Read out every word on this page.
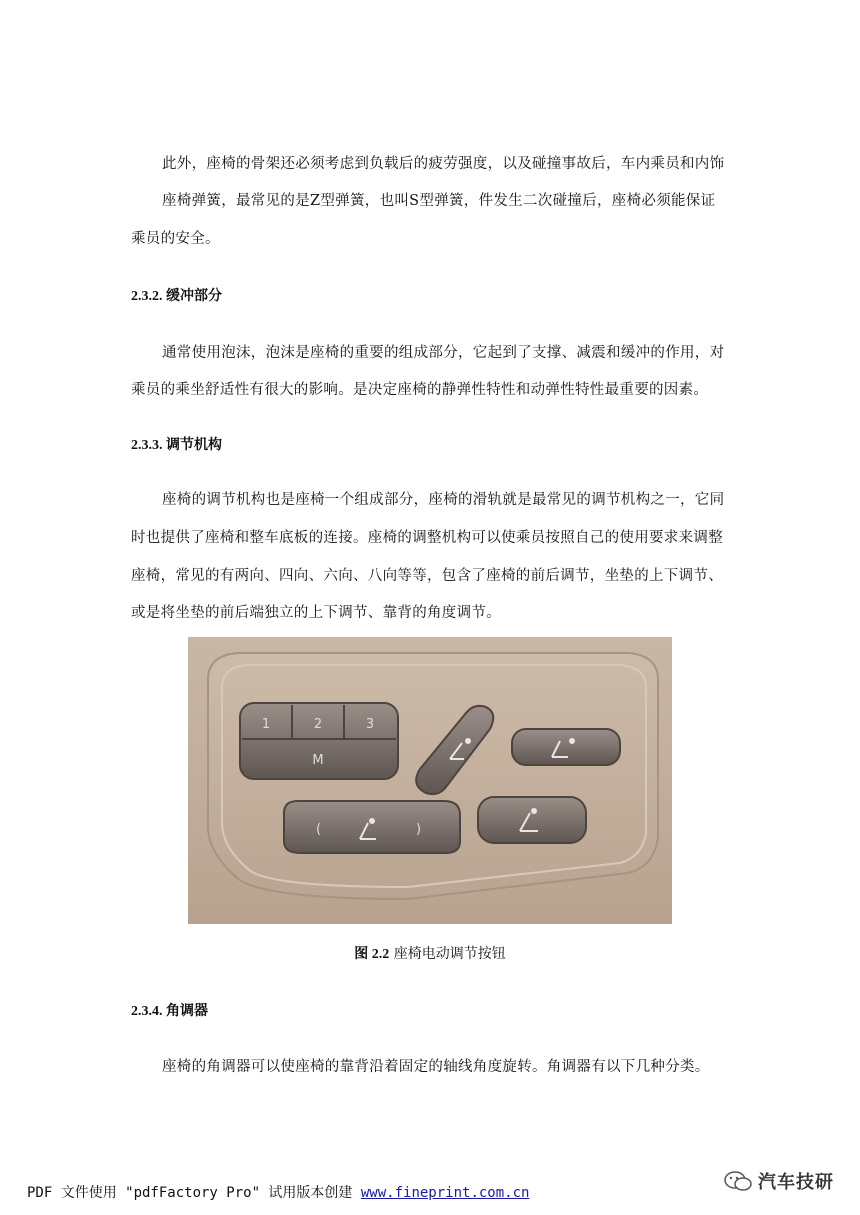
此外，座椅的骨架还必须考虑到负载后的疲劳强度，以及碰撞事故后，车内乘员和内饰
座椅弹簧，最常见的是Z型弹簧，也叫S型弹簧，件发生二次碰撞后，座椅必须能保证
乘员的安全。
2.3.2. 缓冲部分
通常使用泡沫，泡沫是座椅的重要的组成部分，它起到了支撑、减震和缓冲的作用，对
乘员的乘坐舒适性有很大的影响。是决定座椅的静弹性特性和动弹性特性最重要的因素。
2.3.3. 调节机构
座椅的调节机构也是座椅一个组成部分，座椅的滑轨就是最常见的调节机构之一，它同
时也提供了座椅和整车底板的连接。座椅的调整机构可以使乘员按照自己的使用要求来调整
座椅，常见的有两向、四向、六向、八向等等，包含了座椅的前后调节，坐垫的上下调节、
或是将坐垫的前后端独立的上下调节、靠背的角度调节。
1	2	3
M
(	)
图 2.2 座椅电动调节按钮
2.3.4. 角调器
座椅的角调器可以使座椅的靠背沿着固定的轴线角度旋转。角调器有以下几种分类。
PDF 文件使用 "pdfFactory Pro" 试用版本创建 www.fineprint.com.cn	汽车技研
